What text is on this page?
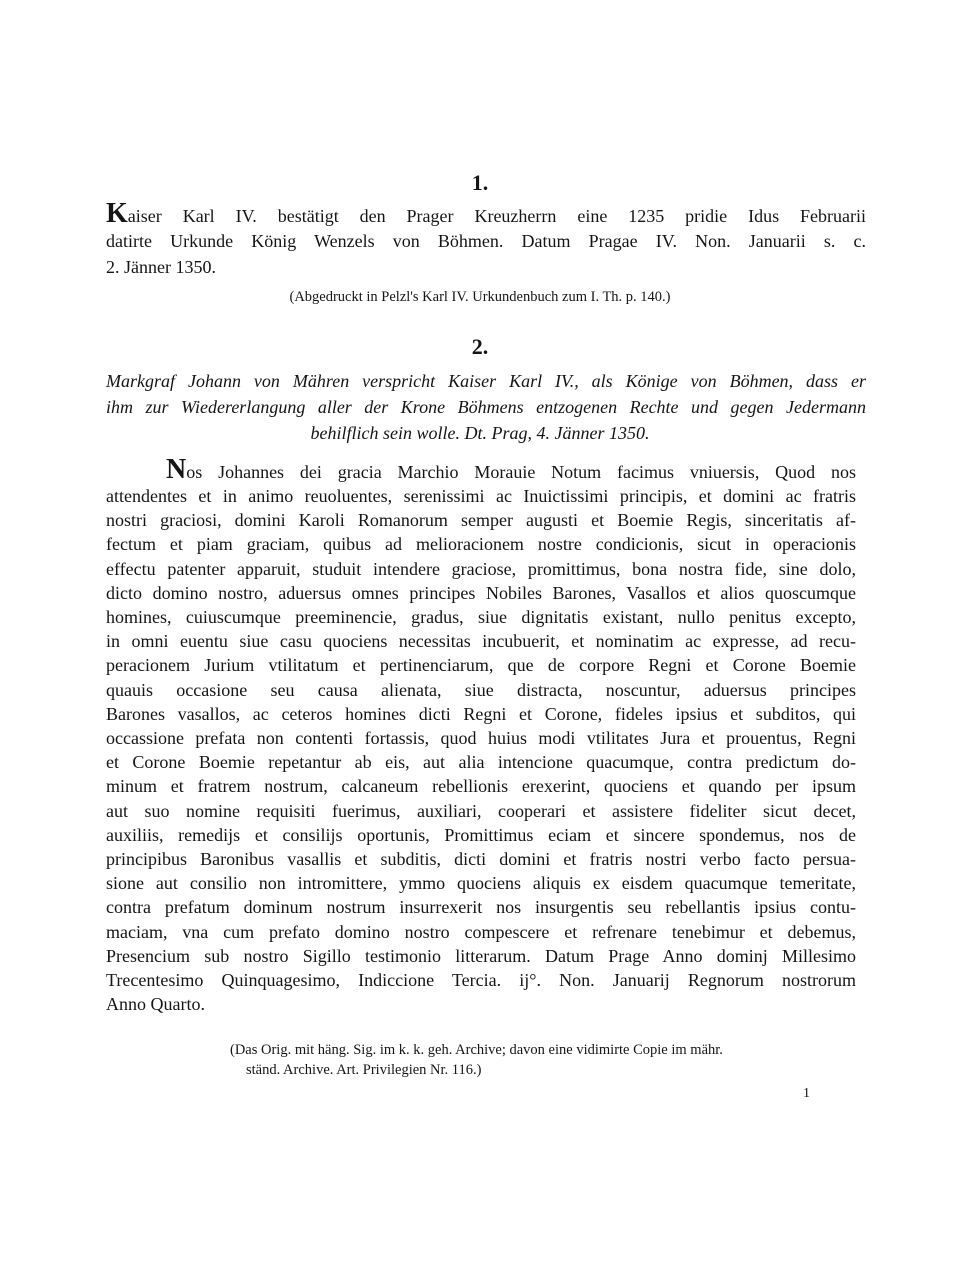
1.
Kaiser Karl IV. bestätigt den Prager Kreuzherrn eine 1235 pridie Idus Februarii
datirte Urkunde König Wenzels von Böhmen. Datum Pragae IV. Non. Januarii s. c.
2. Jänner 1350.
(Abgedruckt in Pelzl's Karl IV. Urkundenbuch zum I. Th. p. 140.)
2.
Markgraf Johann von Mähren verspricht Kaiser Karl IV., als Könige von Böhmen, dass er
ihm zur Wiedererlangung aller der Krone Böhmens entzogenen Rechte und gegen Jedermann
behilflich sein wolle. Dt. Prag, 4. Jänner 1350.
Nos Johannes dei gracia Marchio Morauie Notum facimus vniuersis, Quod nos
attendentes et in animo reuoluentes, serenissimi ac Inuictissimi principis, et domini ac fratris
nostri graciosi, domini Karoli Romanorum semper augusti et Boemie Regis, sinceritatis af-
fectum et piam graciam, quibus ad melioracionem nostre condicionis, sicut in operacionis
effectu patenter apparuit, studuit intendere graciose, promittimus, bona nostra fide, sine dolo,
dicto domino nostro, aduersus omnes principes Nobiles Barones, Vasallos et alios quoscumque
homines, cuiuscumque preeminencie, gradus, siue dignitatis existant, nullo penitus excepto,
in omni euentu siue casu quociens necessitas incubuerit, et nominatim ac expresse, ad recu-
peracionem Jurium vtilitatum et pertinenciarum, que de corpore Regni et Corone Boemie
quauis occasione seu causa alienata, siue distracta, noscuntur, aduersus principes
Barones vasallos, ac ceteros homines dicti Regni et Corone, fideles ipsius et subditos, qui
occassione prefata non contenti fortassis, quod huius modi vtilitates Jura et prouentus, Regni
et Corone Boemie repetantur ab eis, aut alia intencione quacumque, contra predictum do-
minum et fratrem nostrum, calcaneum rebellionis erexerint, quociens et quando per ipsum
aut suo nomine requisiti fuerimus, auxiliari, cooperari et assistere fideliter sicut decet,
auxiliis, remedijs et consilijs oportunis, Promittimus eciam et sincere spondemus, nos de
principibus Baronibus vasallis et subditis, dicti domini et fratris nostri verbo facto persua-
sione aut consilio non intromittere, ymmo quociens aliquis ex eisdem quacumque temeritate,
contra prefatum dominum nostrum insurrexerit nos insurgentis seu rebellantis ipsius contu-
maciam, vna cum prefato domino nostro compescere et refrenare tenebimur et debemus,
Presencium sub nostro Sigillo testimonio litterarum. Datum Prage Anno dominj Millesimo
Trecentesimo Quinquagesimo, Indiccione Tercia. ij°. Non. Januarij Regnorum nostrorum
Anno Quarto.
(Das Orig. mit häng. Sig. im k. k. geh. Archive; davon eine vidimirte Copie im mähr.
ständ. Archive. Art. Privilegien Nr. 116.)
1
